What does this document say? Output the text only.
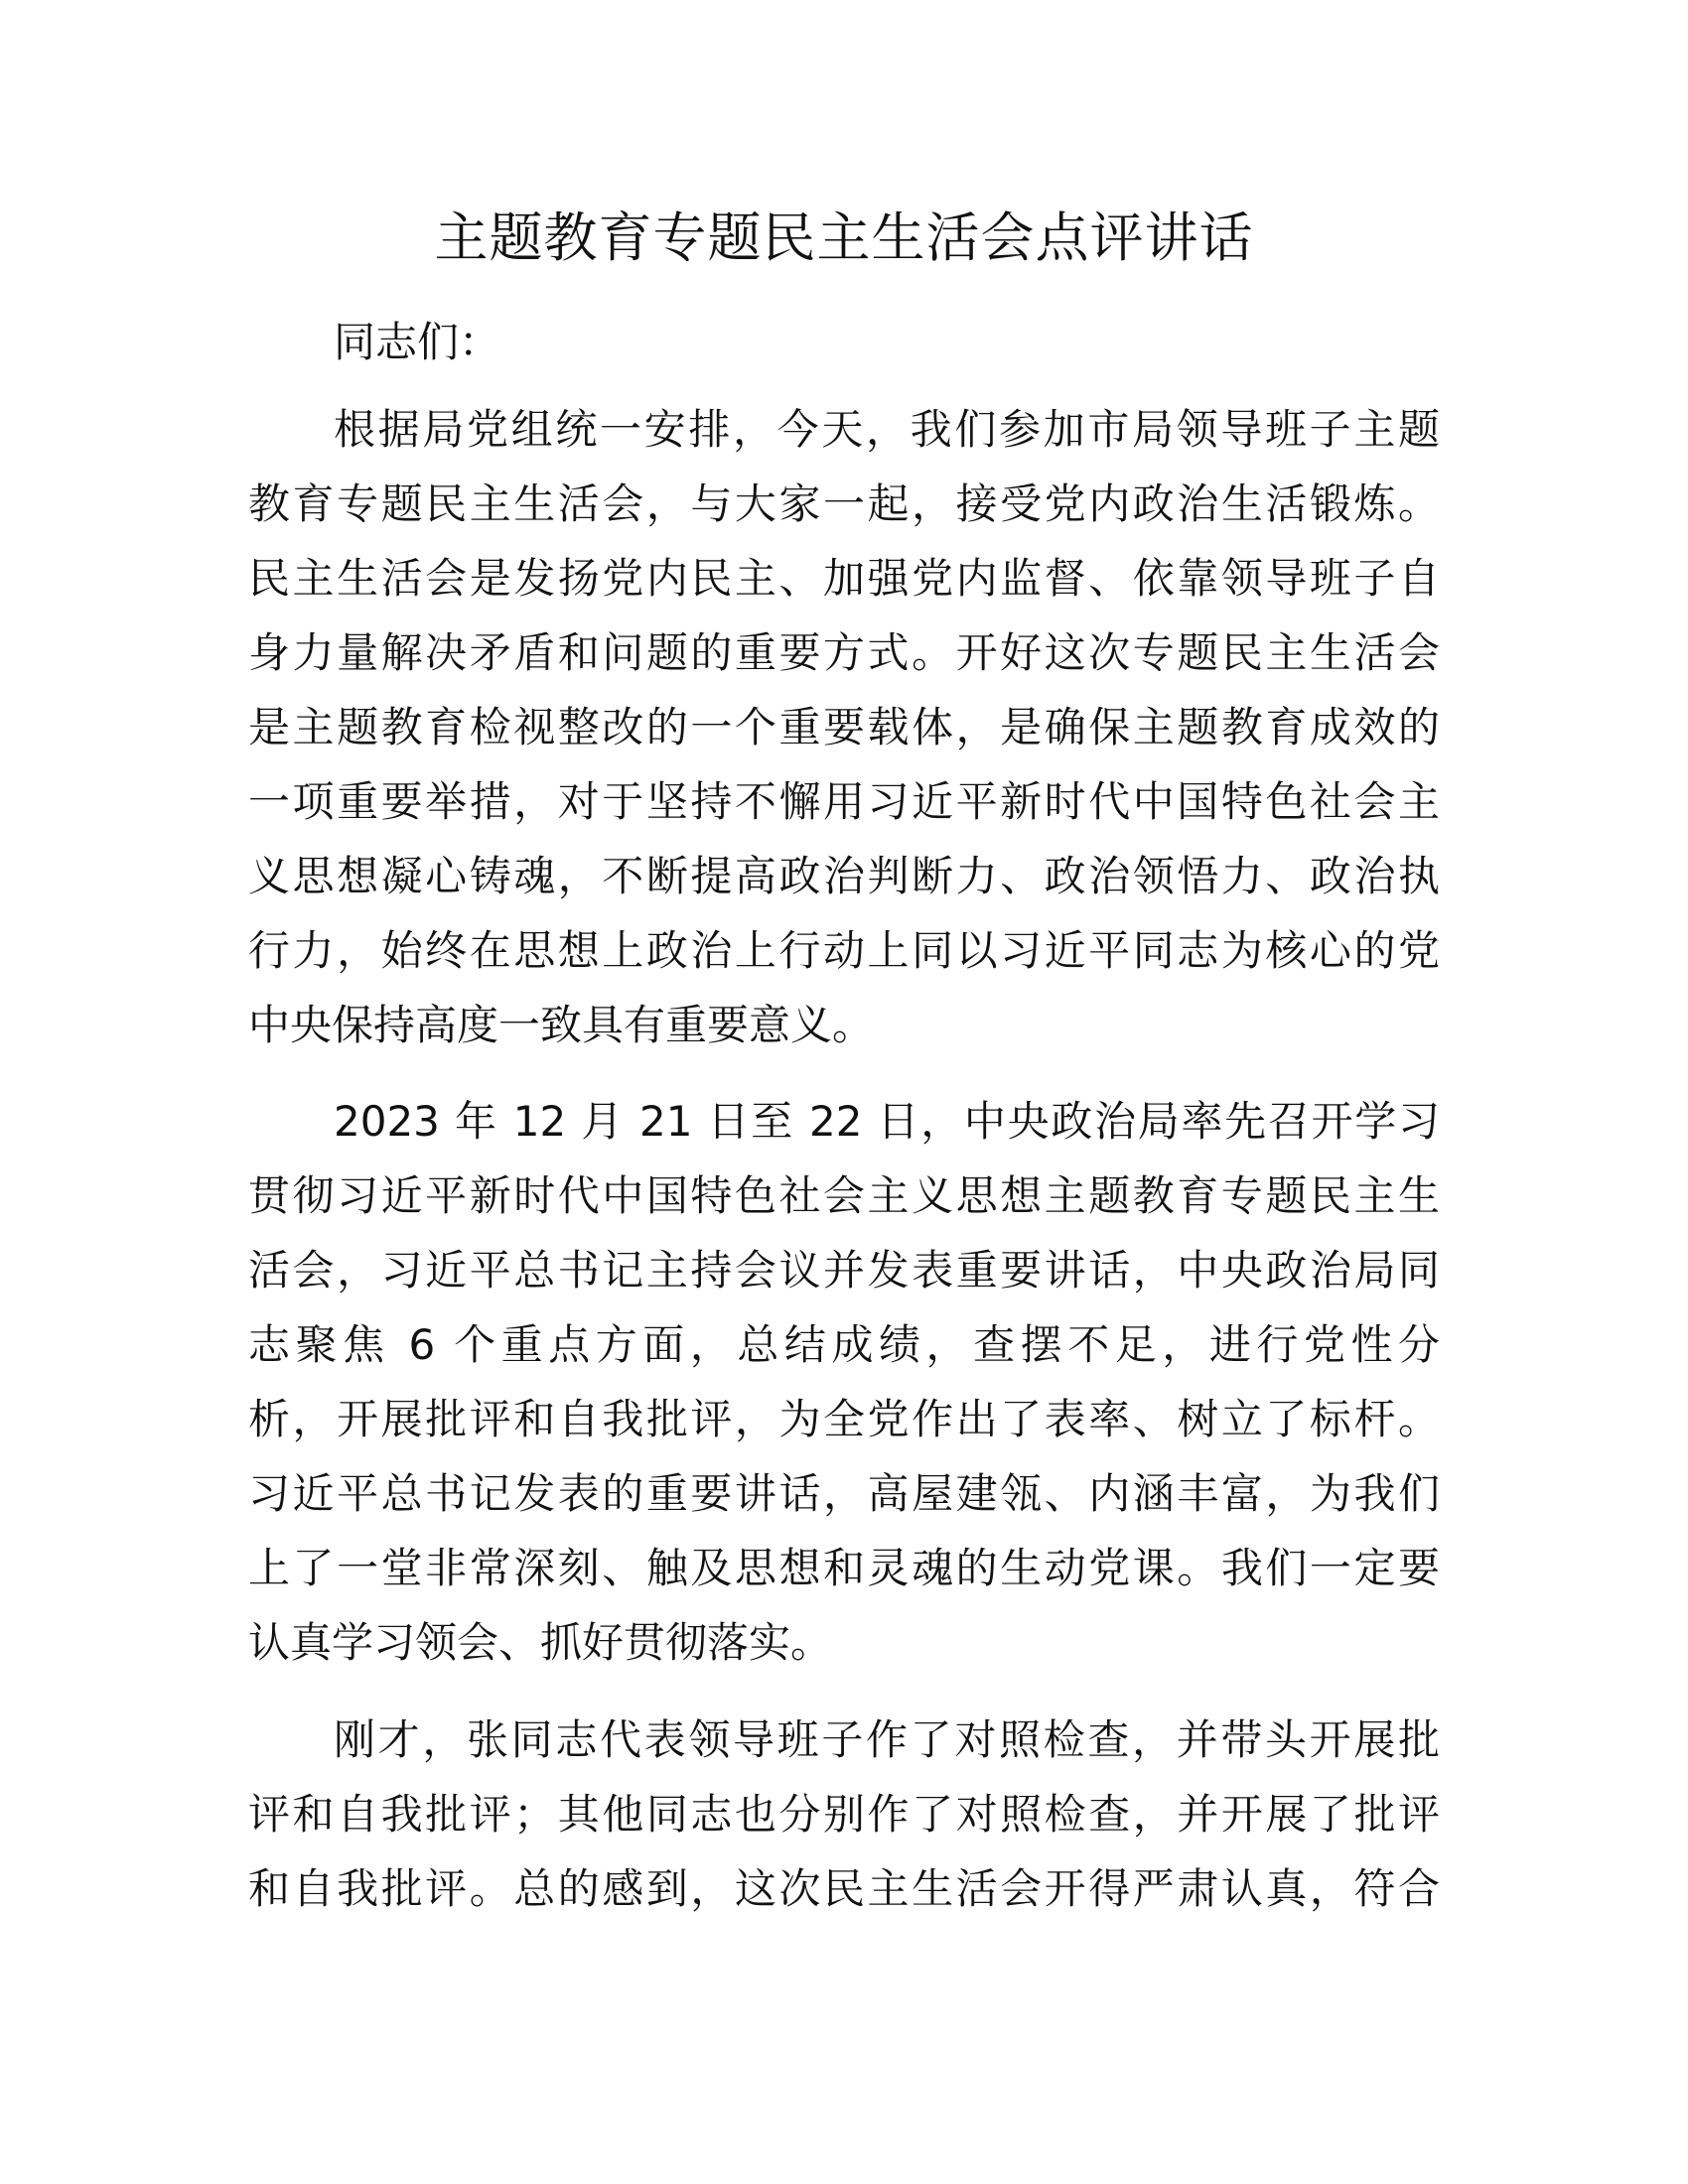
主题教育专题民主生活会点评讲话
同志们：
根据局党组统一安排，今天，我们参加市局领导班子主题
教育专题民主生活会，与大家一起，接受党内政治生活锻炼。
民主生活会是发扬党内民主、加强党内监督、依靠领导班子自
身力量解决矛盾和问题的重要方式。开好这次专题民主生活会
是主题教育检视整改的一个重要载体，是确保主题教育成效的
一项重要举措，对于坚持不懈用习近平新时代中国特色社会主
义思想凝心铸魂，不断提高政治判断力、政治领悟力、政治执
行力，始终在思想上政治上行动上同以习近平同志为核心的党
中央保持高度一致具有重要意义。
2023 年 12 月 21 日至 22 日，中央政治局率先召开学习
贯彻习近平新时代中国特色社会主义思想主题教育专题民主生
活会，习近平总书记主持会议并发表重要讲话，中央政治局同
志聚焦 6 个重点方面，总结成绩，查摆不足，进行党性分
析，开展批评和自我批评，为全党作出了表率、树立了标杆。
习近平总书记发表的重要讲话，高屋建瓴、内涵丰富，为我们
上了一堂非常深刻、触及思想和灵魂的生动党课。我们一定要
认真学习领会、抓好贯彻落实。
刚才，张同志代表领导班子作了对照检查，并带头开展批
评和自我批评；其他同志也分别作了对照检查，并开展了批评
和自我批评。总的感到，这次民主生活会开得严肃认真，符合
